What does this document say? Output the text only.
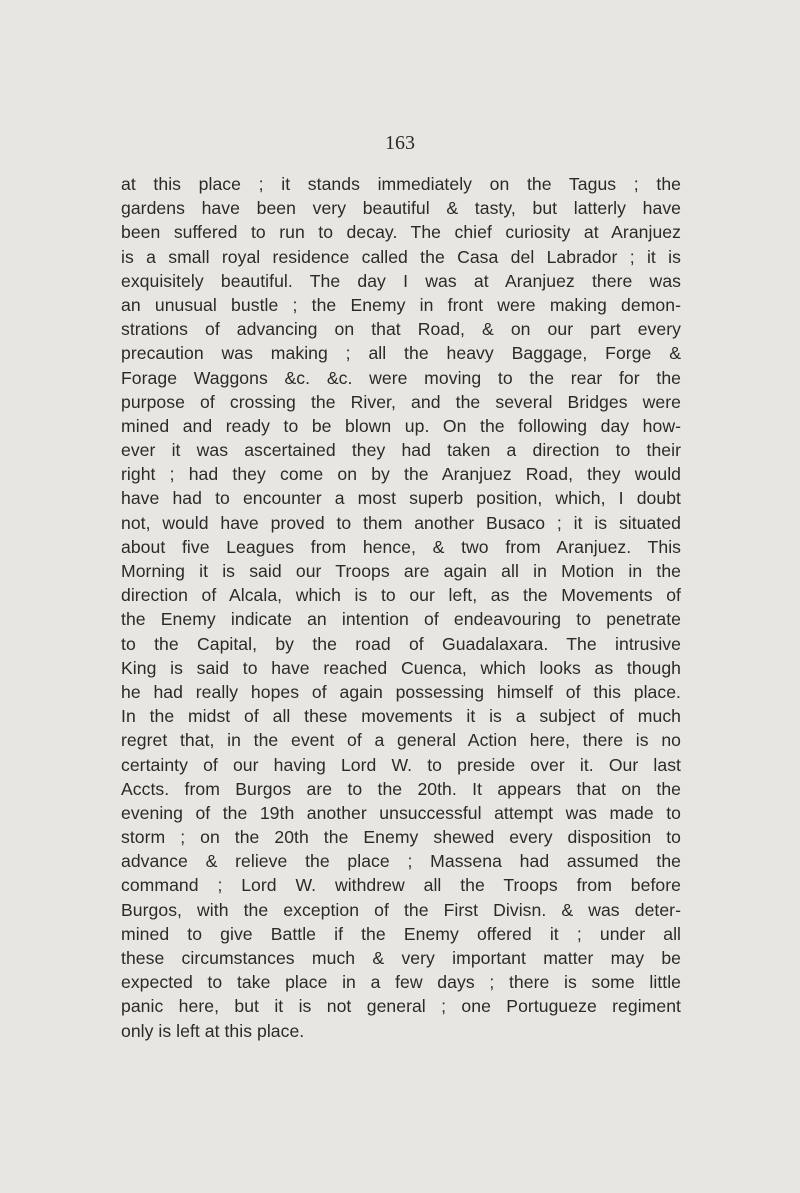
163
at this place ; it stands immediately on the Tagus ; the
gardens have been very beautiful & tasty, but latterly have
been suffered to run to decay. The chief curiosity at Aranjuez
is a small royal residence called the Casa del Labrador ; it is
exquisitely beautiful. The day I was at Aranjuez there was
an unusual bustle ; the Enemy in front were making demon-
strations of advancing on that Road, & on our part every
precaution was making ; all the heavy Baggage, Forge &
Forage Waggons &c. &c. were moving to the rear for the
purpose of crossing the River, and the several Bridges were
mined and ready to be blown up. On the following day how-
ever it was ascertained they had taken a direction to their
right ; had they come on by the Aranjuez Road, they would
have had to encounter a most superb position, which, I doubt
not, would have proved to them another Busaco ; it is situated
about five Leagues from hence, & two from Aranjuez. This
Morning it is said our Troops are again all in Motion in the
direction of Alcala, which is to our left, as the Movements of
the Enemy indicate an intention of endeavouring to penetrate
to the Capital, by the road of Guadalaxara. The intrusive
King is said to have reached Cuenca, which looks as though
he had really hopes of again possessing himself of this place.
In the midst of all these movements it is a subject of much
regret that, in the event of a general Action here, there is no
certainty of our having Lord W. to preside over it. Our last
Accts. from Burgos are to the 20th. It appears that on the
evening of the 19th another unsuccessful attempt was made to
storm ; on the 20th the Enemy shewed every disposition to
advance & relieve the place ; Massena had assumed the
command ; Lord W. withdrew all the Troops from before
Burgos, with the exception of the First Divisn. & was deter-
mined to give Battle if the Enemy offered it ; under all
these circumstances much & very important matter may be
expected to take place in a few days ; there is some little
panic here, but it is not general ; one Portugueze regiment
only is left at this place.
